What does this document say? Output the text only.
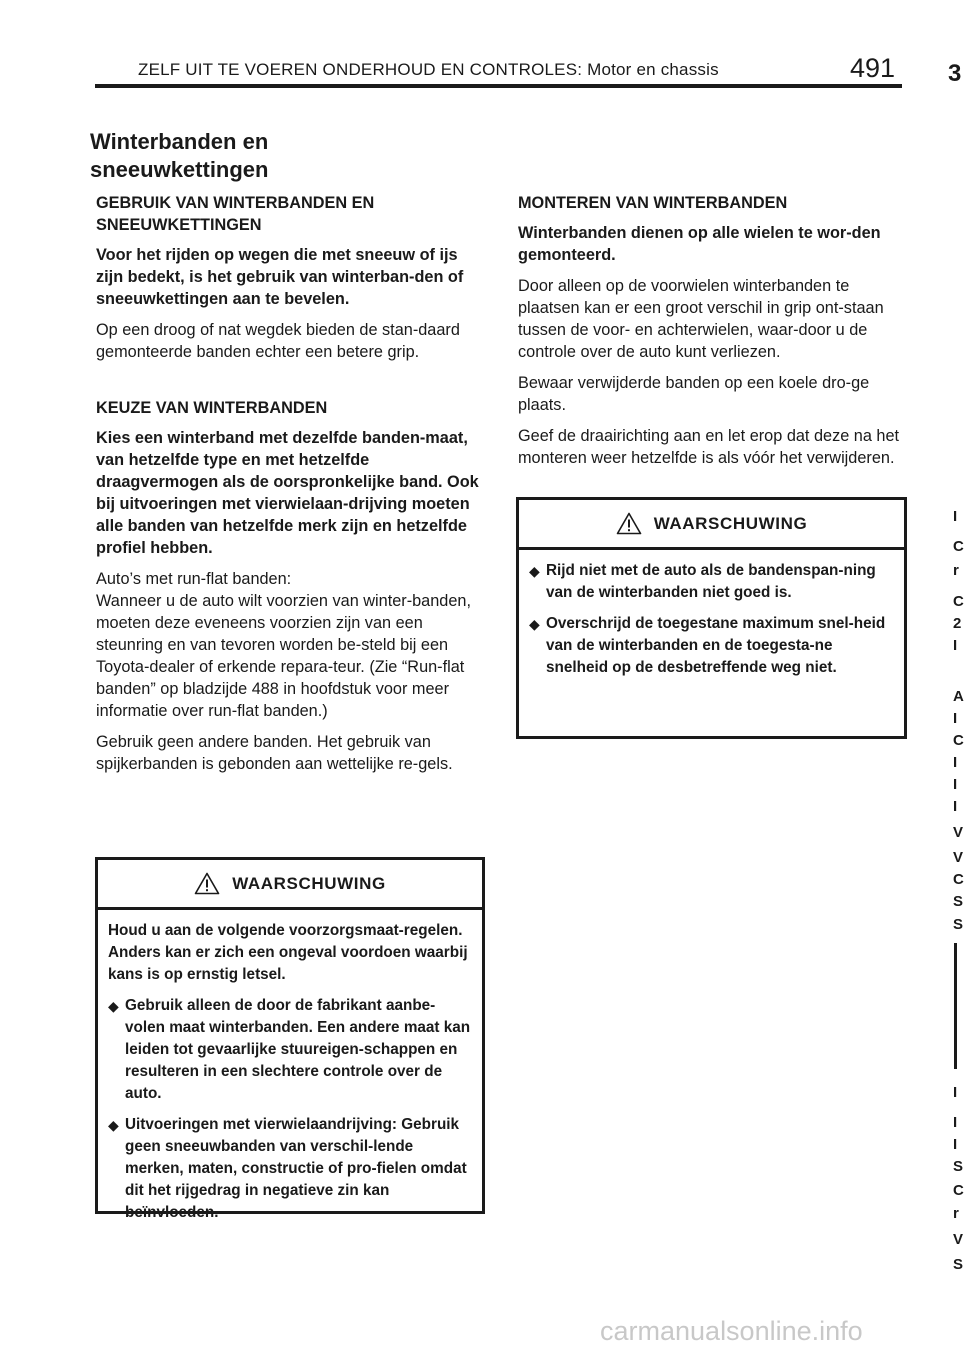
ZELF UIT TE VOEREN ONDERHOUD EN CONTROLES: Motor en chassis	491 3
Winterbanden en sneeuwkettingen

GEBRUIK VAN WINTERBANDEN EN
SNEEUWKETTINGEN

Voor het rijden op wegen die met sneeuw of ijs zijn bedekt, is het gebruik van winterban-den of sneeuwkettingen aan te bevelen.

Op een droog of nat wegdek bieden de stan-daard gemonteerde banden echter een betere grip.

KEUZE VAN WINTERBANDEN

Kies een winterband met dezelfde banden-maat, van hetzelfde type en met hetzelfde draagvermogen als de oorspronkelijke band. Ook bij uitvoeringen met vierwielaan-drijving moeten alle banden van hetzelfde merk zijn en hetzelfde profiel hebben.

Auto’s met run-flat banden:

Wanneer u de auto wilt voorzien van winter-banden, moeten deze eveneens voorzien zijn van een steunring en van tevoren worden be-steld bij een Toyota-dealer of erkende repara-teur. (Zie “Run-flat banden” op bladzijde 488 in hoofdstuk voor meer informatie over run-flat banden.)

Gebruik geen andere banden. Het gebruik van spijkerbanden is gebonden aan wettelijke re-gels.

WAARSCHUWING

Houd u aan de volgende voorzorgsmaat-regelen. Anders kan er zich een ongeval voordoen waarbij kans is op ernstig letsel.

◆ Gebruik alleen de door de fabrikant aanbe-volen maat winterbanden. Een andere maat kan leiden tot gevaarlijke stuureigen-schappen en resulteren in een slechtere controle over de auto.
◆ Uitvoeringen met vierwielaandrijving: Gebruik geen sneeuwbanden van verschil-lende merken, maten, constructie of pro-fielen omdat dit het rijgedrag in negatieve zin kan beïnvloeden.

MONTEREN VAN WINTERBANDEN

Winterbanden dienen op alle wielen te wor-den gemonteerd.

Door alleen op de voorwielen winterbanden te plaatsen kan er een groot verschil in grip ont-staan tussen de voor- en achterwielen, waar-door u de controle over de auto kunt verliezen.

Bewaar verwijderde banden op een koele dro-ge plaats.

Geef de draairichting aan en let erop dat deze na het monteren weer hetzelfde is als vóór het verwijderen.

WAARSCHUWING
◆ Rijd niet met de auto als de bandenspan-ning van de winterbanden niet goed is.
◆ Overschrijd de toegestane maximum snel-heid van de winterbanden en de toegesta-ne snelheid op de desbetreffende weg niet.
I
C
r
C
2
I
A
I
C
I
I
I
V
V
C
S
S
I
I
I
S
C
r
V
S
carmanualsonline.info
